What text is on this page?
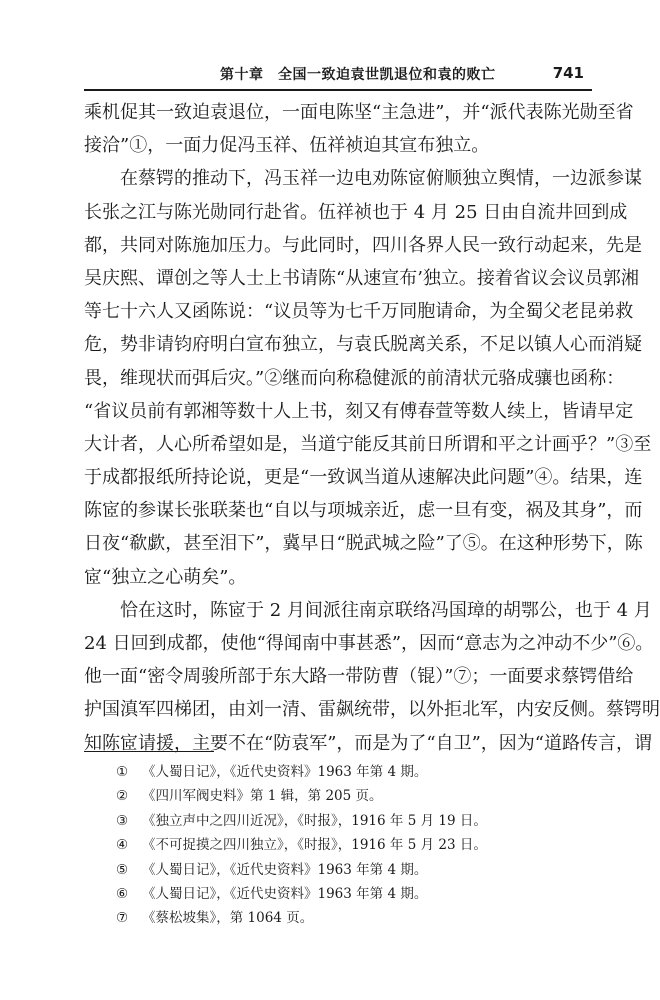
第十章　全国一致迫袁世凯退位和袁的败亡	741
乘机促其一致迫袁退位，一面电陈坚“主急进”，并“派代表陈光勋至省
接洽”①，一面力促冯玉祥、伍祥祯迫其宣布独立。
在蔡锷的推动下，冯玉祥一边电劝陈宧俯顺独立舆情，一边派参谋
长张之江与陈光勋同行赴省。伍祥祯也于 4 月 25 日由自流井回到成
都，共同对陈施加压力。与此同时，四川各界人民一致行动起来，先是
吴庆熙、谭创之等人士上书请陈“从速宣布’独立。接着省议会议员郭湘
等七十六人又函陈说：“议员等为七千万同胞请命，为全蜀父老昆弟救
危，势非请钧府明白宣布独立，与袁氏脱离关系，不足以镇人心而消疑
畏，维现状而弭后灾。”②继而向称稳健派的前清状元骆成骧也函称：
“省议员前有郭湘等数十人上书，刻又有傅春萱等数人续上，皆请早定
大计者，人心所希望如是，当道宁能反其前日所谓和平之计画乎？”③至
于成都报纸所持论说，更是“一致讽当道从速解决此问题”④。结果，连
陈宧的参谋长张联棻也“自以与项城亲近，虑一旦有变，祸及其身”，而
日夜“欷歔，甚至泪下”，冀早日“脱武城之险”了⑤。在这种形势下，陈
宧“独立之心萌矣”。
恰在这时，陈宧于 2 月间派往南京联络冯国璋的胡鄂公，也于 4 月
24 日回到成都，使他“得闻南中事甚悉”，因而“意志为之冲动不少”⑥。
他一面“密令周骏所部于东大路一带防曹（锟）”⑦；一面要求蔡锷借给
护国滇军四梯团，由刘一清、雷飙统带，以外拒北军，内安反侧。蔡锷明
知陈宧请援，主要不在“防袁军”，而是为了“自卫”，因为“道路传言，谓
① 《人蜀日记》，《近代史资料》1963 年第 4 期。
② 《四川军阀史料》第 1 辑，第 205 页。
③ 《独立声中之四川近况》，《时报》，1916 年 5 月 19 日。
④ 《不可捉摸之四川独立》，《时报》，1916 年 5 月 23 日。
⑤ 《人蜀日记》，《近代史资料》1963 年第 4 期。
⑥ 《人蜀日记》，《近代史资料》1963 年第 4 期。
⑦ 《蔡松坡集》，第 1064 页。
